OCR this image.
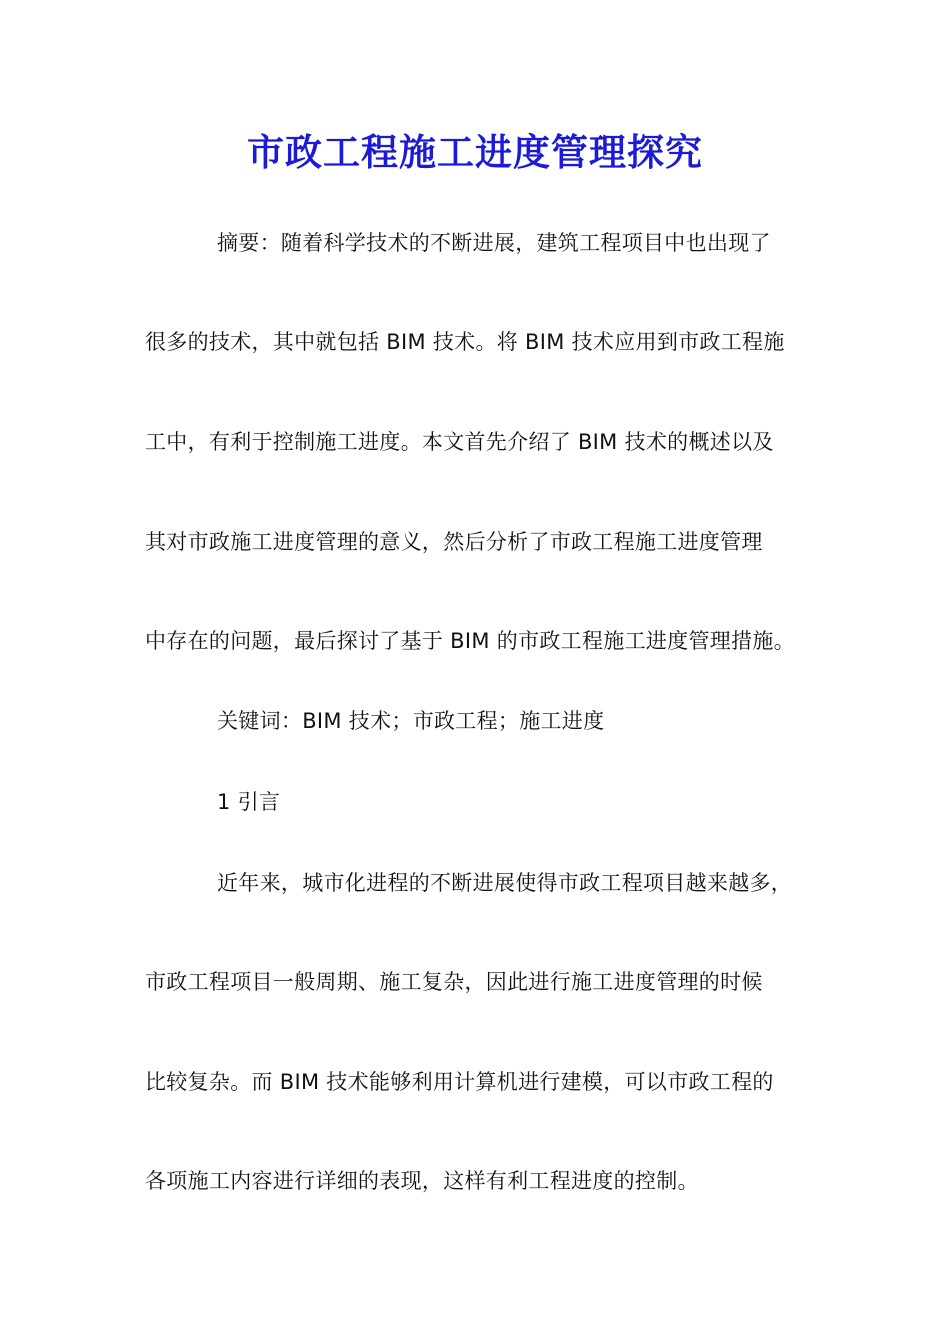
市政工程施工进度管理探究
摘要：随着科学技术的不断进展，建筑工程项目中也出现了
很多的技术，其中就包括 BIM 技术。将 BIM 技术应用到市政工程施
工中，有利于控制施工进度。本文首先介绍了 BIM 技术的概述以及
其对市政施工进度管理的意义，然后分析了市政工程施工进度管理
中存在的问题，最后探讨了基于 BIM 的市政工程施工进度管理措施。
关键词：BIM 技术；市政工程；施工进度
1 引言
近年来，城市化进程的不断进展使得市政工程项目越来越多，
市政工程项目一般周期、施工复杂，因此进行施工进度管理的时候
比较复杂。而 BIM 技术能够利用计算机进行建模，可以市政工程的
各项施工内容进行详细的表现，这样有利工程进度的控制。
